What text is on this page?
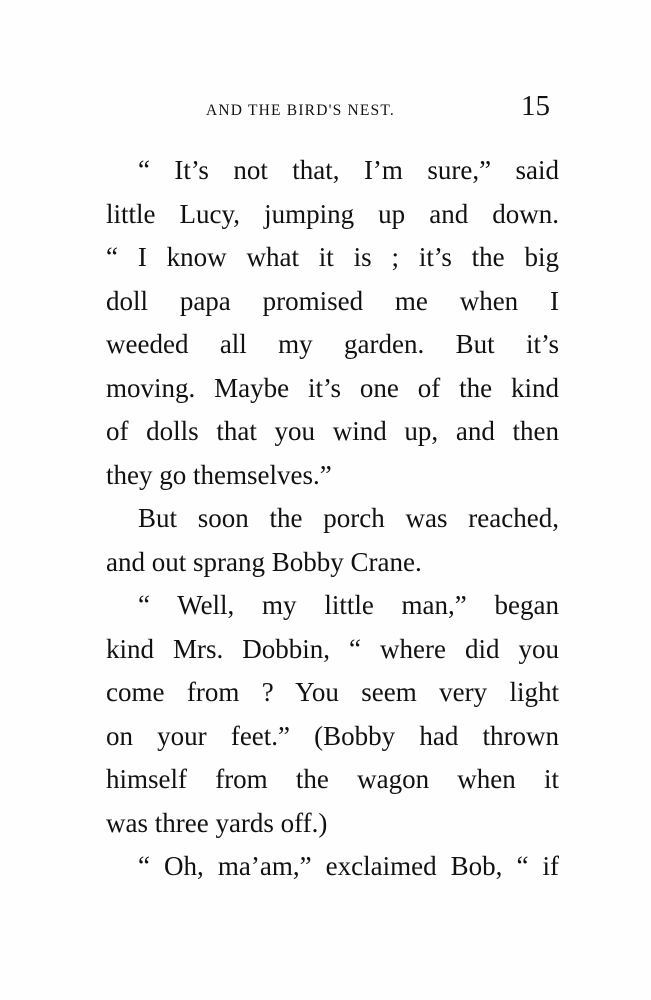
AND THE BIRD'S NEST.	15
“ It’s not that, I’m sure,” said
little Lucy, jumping up and down.
“ I know what it is ; it’s the big
doll papa promised me when I
weeded all my garden. But it’s
moving. Maybe it’s one of the kind
of dolls that you wind up, and then
they go themselves.”
But soon the porch was reached,
and out sprang Bobby Crane.
“ Well, my little man,” began
kind Mrs. Dobbin, “ where did you
come from ? You seem very light
on your feet.” (Bobby had thrown
himself from the wagon when it
was three yards off.)
“ Oh, ma’am,” exclaimed Bob, “ if
